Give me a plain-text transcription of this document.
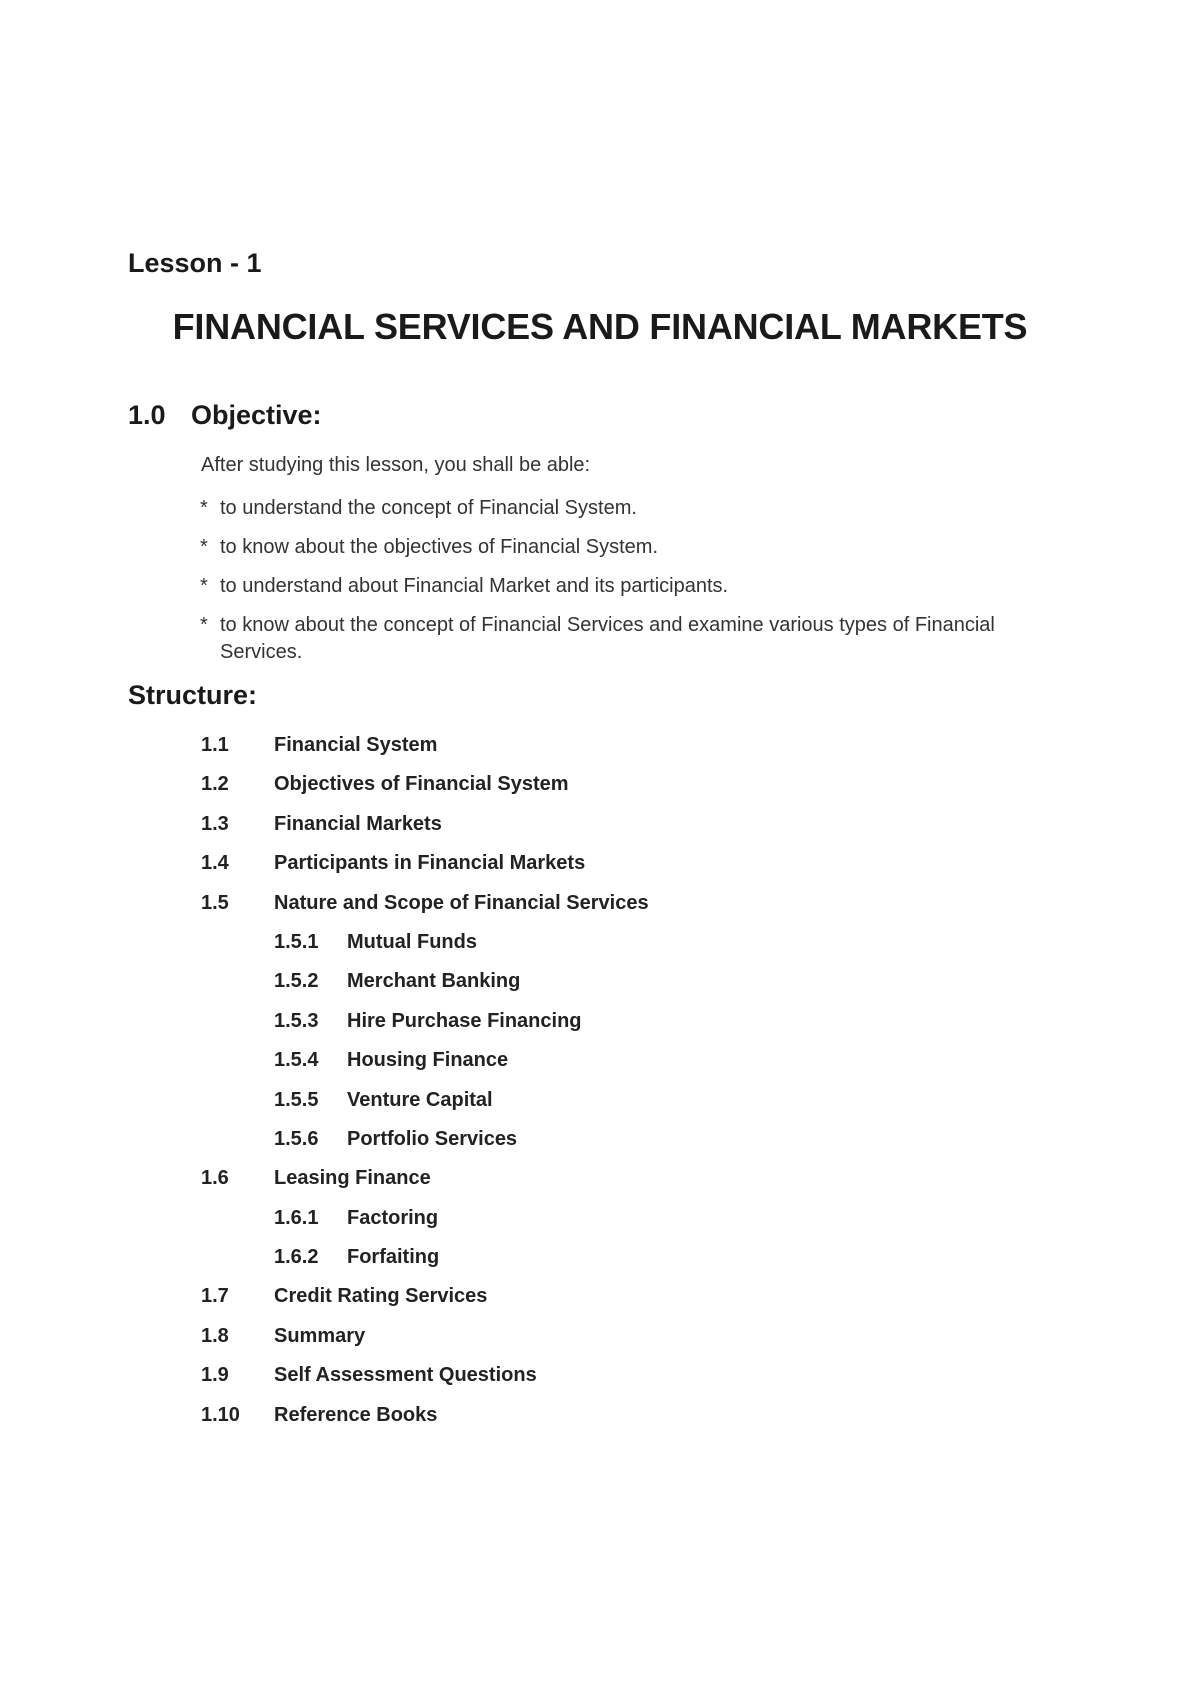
Lesson - 1
FINANCIAL SERVICES AND FINANCIAL MARKETS
1.0 Objective:

After studying this lesson, you shall be able:

* to understand the concept of Financial System.
* to know about the objectives of Financial System.
* to understand about Financial Market and its participants.
* to know about the concept of Financial Services and examine various types of Financial Services.
Structure:
1.1 Financial System
1.2 Objectives of Financial System
1.3 Financial Markets
1.4 Participants in Financial Markets
1.5 Nature and Scope of Financial Services
1.5.1 Mutual Funds
1.5.2 Merchant Banking
1.5.3 Hire Purchase Financing
1.5.4 Housing Finance
1.5.5 Venture Capital
1.5.6 Portfolio Services
1.6 Leasing Finance
1.6.1 Factoring
1.6.2 Forfaiting
1.7 Credit Rating Services
1.8 Summary
1.9 Self Assessment Questions
1.10 Reference Books
